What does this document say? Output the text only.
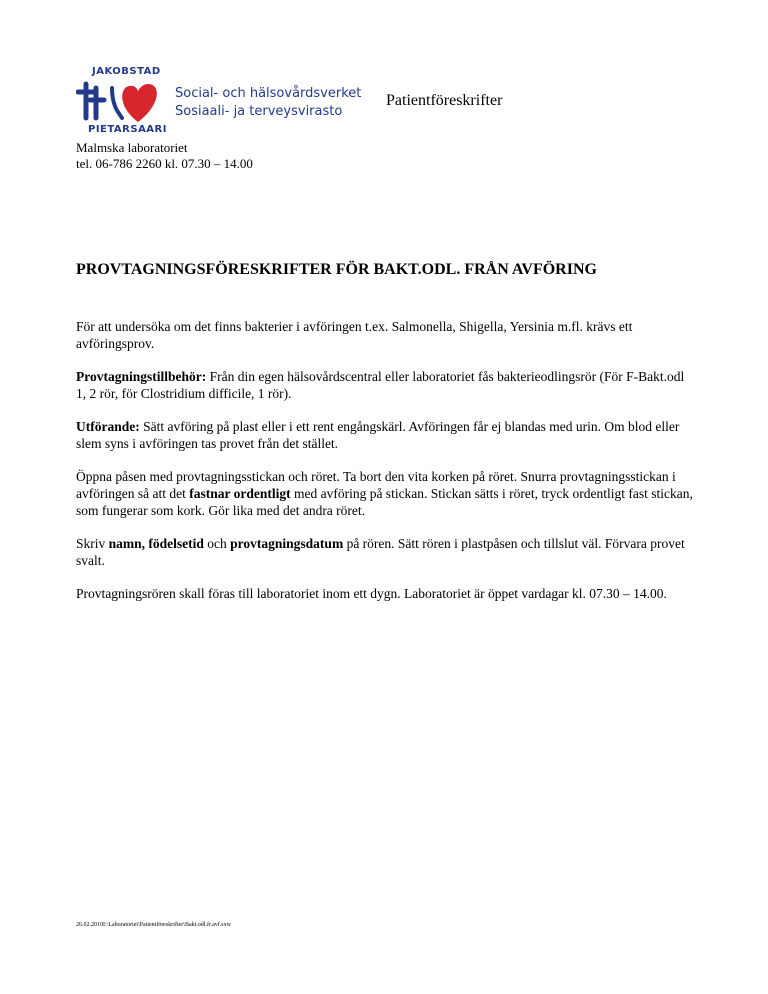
JAKOBSTAD
PIETARSAARI
Social- och hälsovårdsverket
Sosiaali- ja terveysvirasto
Patientföreskrifter
Malmska laboratoriet
tel. 06-786 2260 kl. 07.30 – 14.00
PROVTAGNINGSFÖRESKRIFTER FÖR BAKT.ODL. FRÅN AVFÖRING

För att undersöka om det finns bakterier i avföringen t.ex. Salmonella, Shigella, Yersinia m.fl. krävs ett avföringsprov.

Provtagningstillbehör: Från din egen hälsovårdscentral eller laboratoriet fås bakterieodlingsrör (För F-Bakt.odl 1, 2 rör, för Clostridium difficile, 1 rör).

Utförande: Sätt avföring på plast eller i ett rent engångskärl. Avföringen får ej blandas med urin. Om blod eller slem syns i avföringen tas provet från det stället.

Öppna påsen med provtagningsstickan och röret. Ta bort den vita korken på röret. Snurra provtagningsstickan i avföringen så att det fastnar ordentligt med avföring på stickan. Stickan sätts i röret, tryck ordentligt fast stickan, som fungerar som kork. Gör lika med det andra röret.

Skriv namn, födelsetid och provtagningsdatum på rören. Sätt rören i plastpåsen och tillslut väl. Förvara provet svalt.

Provtagningsrören skall föras till laboratoriet inom ett dygn. Laboratoriet är öppet vardagar kl. 07.30 – 14.00.

26.02.2010I:\Laboratoriet\Patientföreskrifter\Bakt.odl.fr.avf.sxw
